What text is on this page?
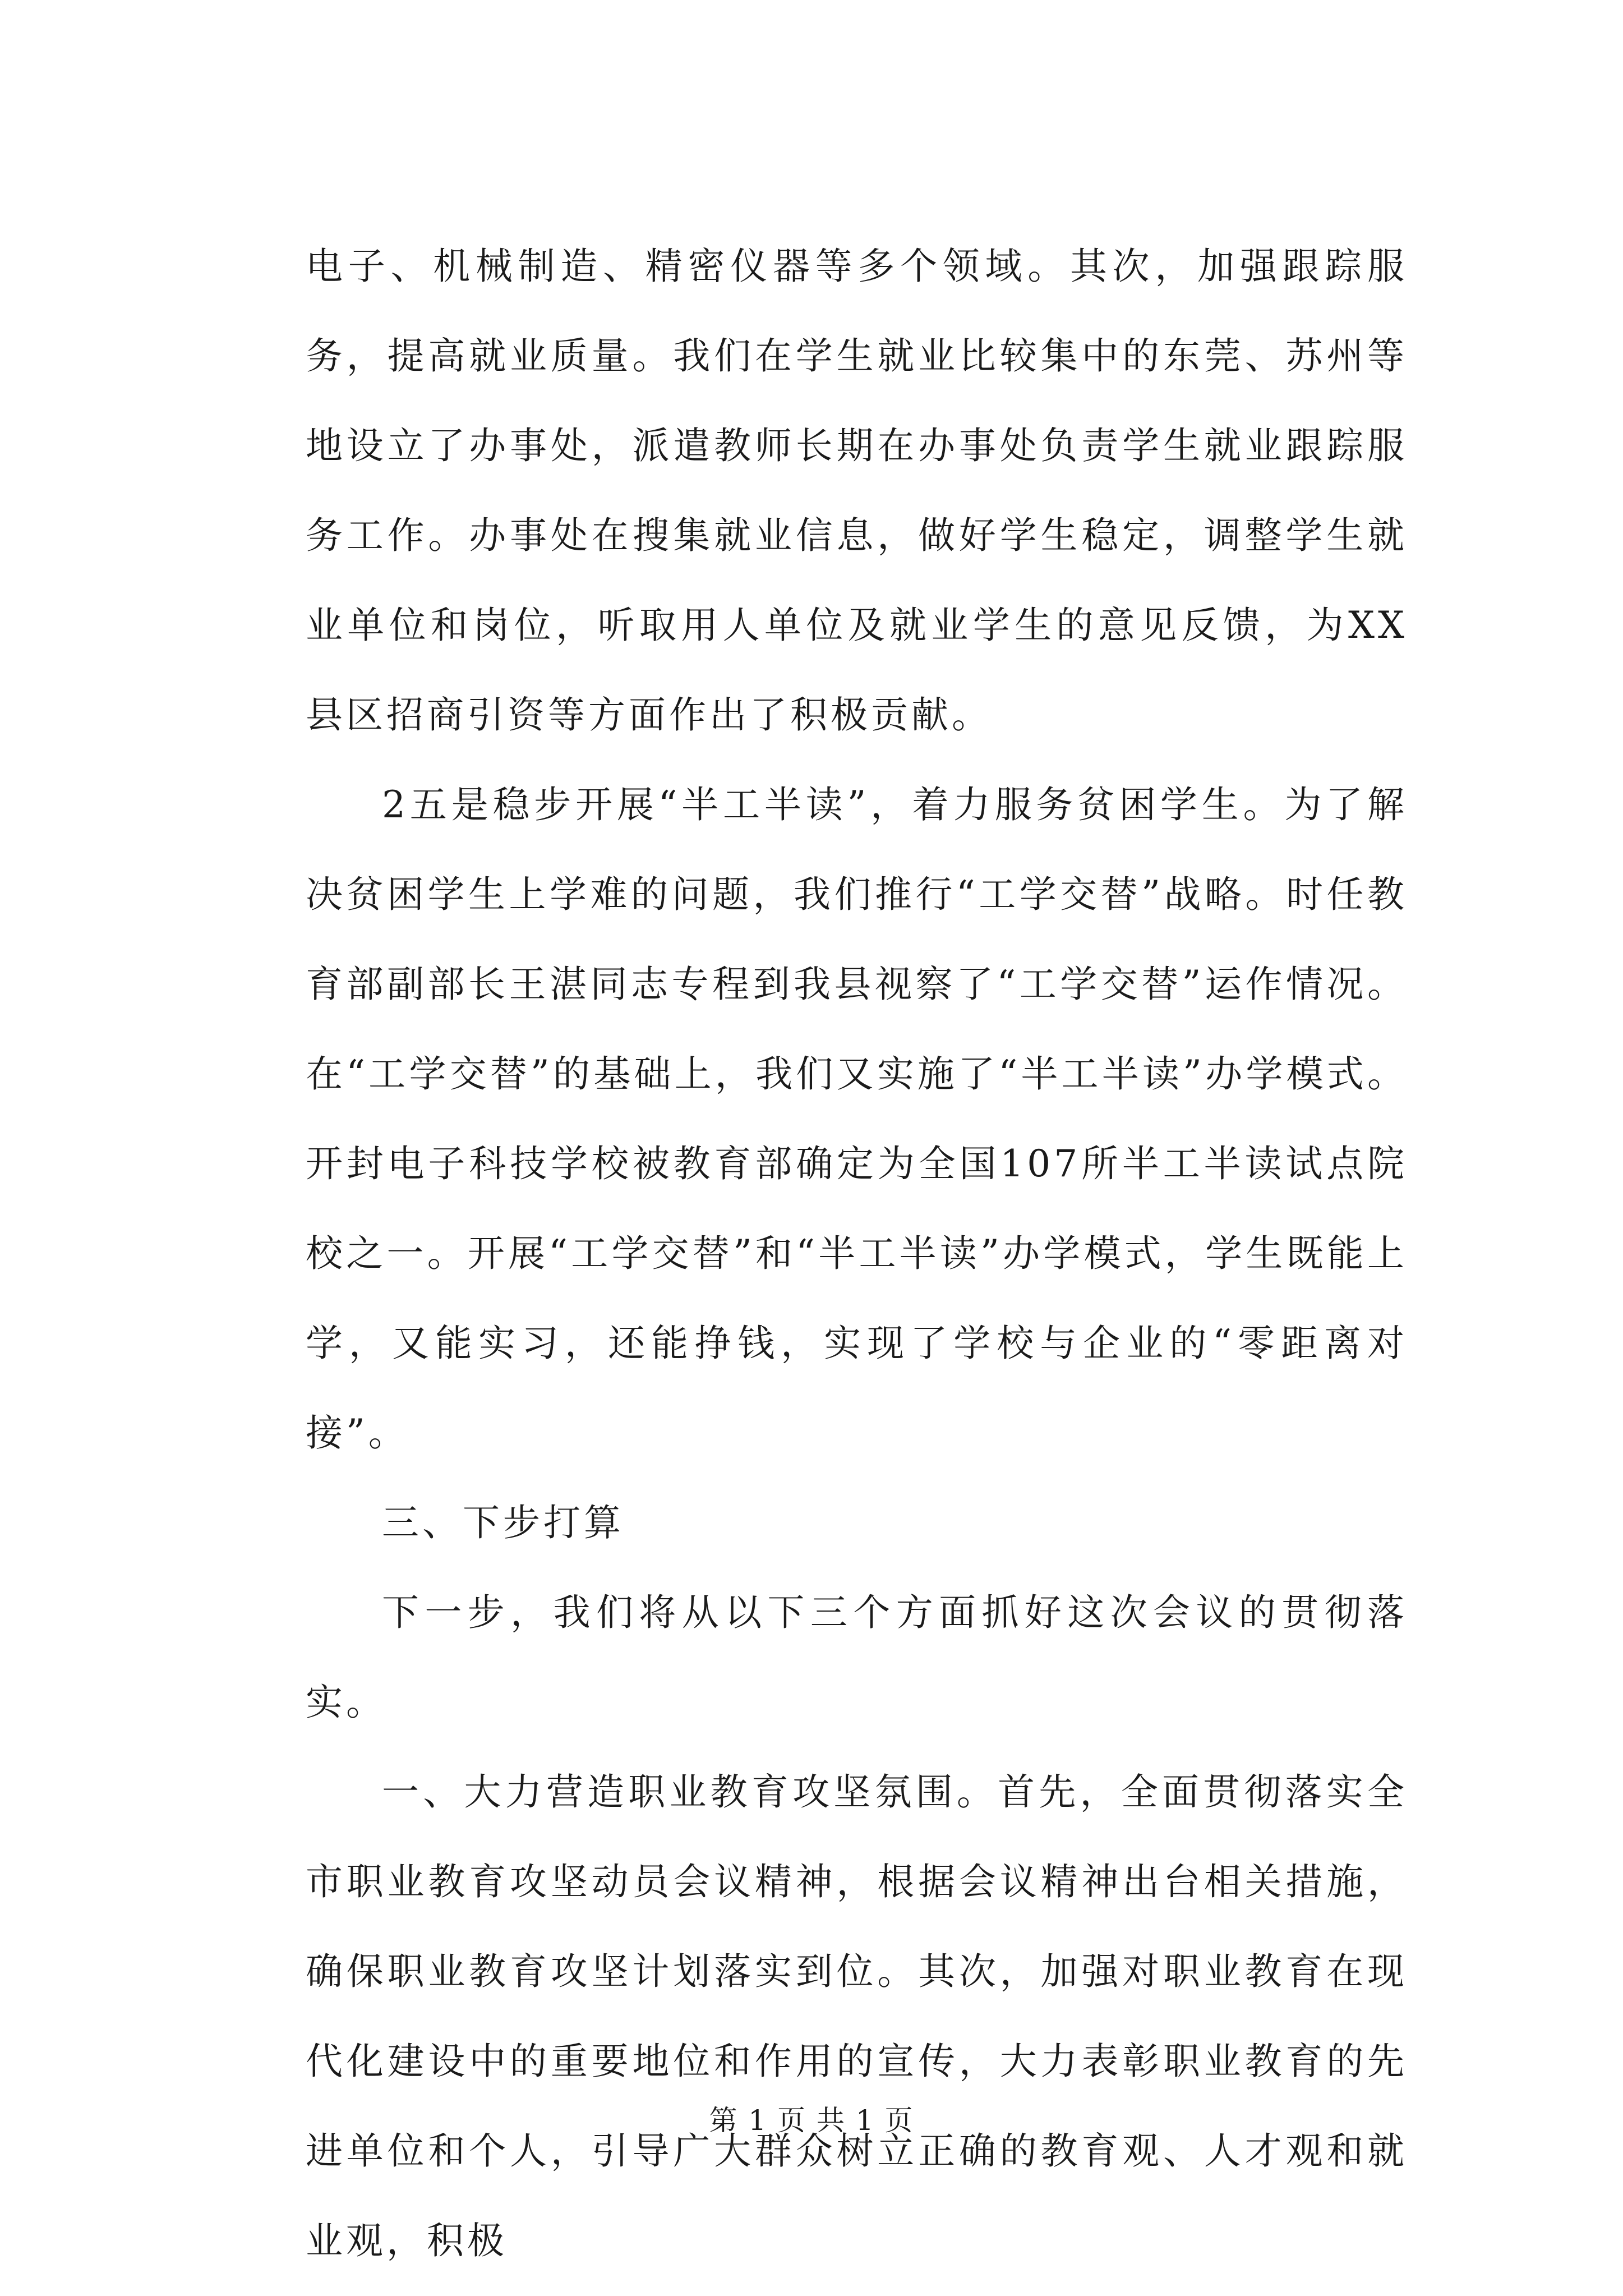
电子、机械制造、精密仪器等多个领域。其次，加强跟踪服务，提高就业质量。我们在学生就业比较集中的东莞、苏州等地设立了办事处，派遣教师长期在办事处负责学生就业跟踪服务工作。办事处在搜集就业信息，做好学生稳定，调整学生就业单位和岗位，听取用人单位及就业学生的意见反馈，为XX县区招商引资等方面作出了积极贡献。

2五是稳步开展“半工半读”，着力服务贫困学生。为了解决贫困学生上学难的问题，我们推行“工学交替”战略。时任教育部副部长王湛同志专程到我县视察了“工学交替”运作情况。在“工学交替”的基础上，我们又实施了“半工半读”办学模式。开封电子科技学校被教育部确定为全国107所半工半读试点院校之一。开展“工学交替”和“半工半读”办学模式，学生既能上学，又能实习，还能挣钱，实现了学校与企业的“零距离对接”。

三、下步打算

下一步，我们将从以下三个方面抓好这次会议的贯彻落实。

一、大力营造职业教育攻坚氛围。首先，全面贯彻落实全市职业教育攻坚动员会议精神，根据会议精神出台相关措施，确保职业教育攻坚计划落实到位。其次，加强对职业教育在现代化建设中的重要地位和作用的宣传，大力表彰职业教育的先进单位和个人，引导广大群众树立正确的教育观、人才观和就业观，积极

第 1 页 共 1 页
